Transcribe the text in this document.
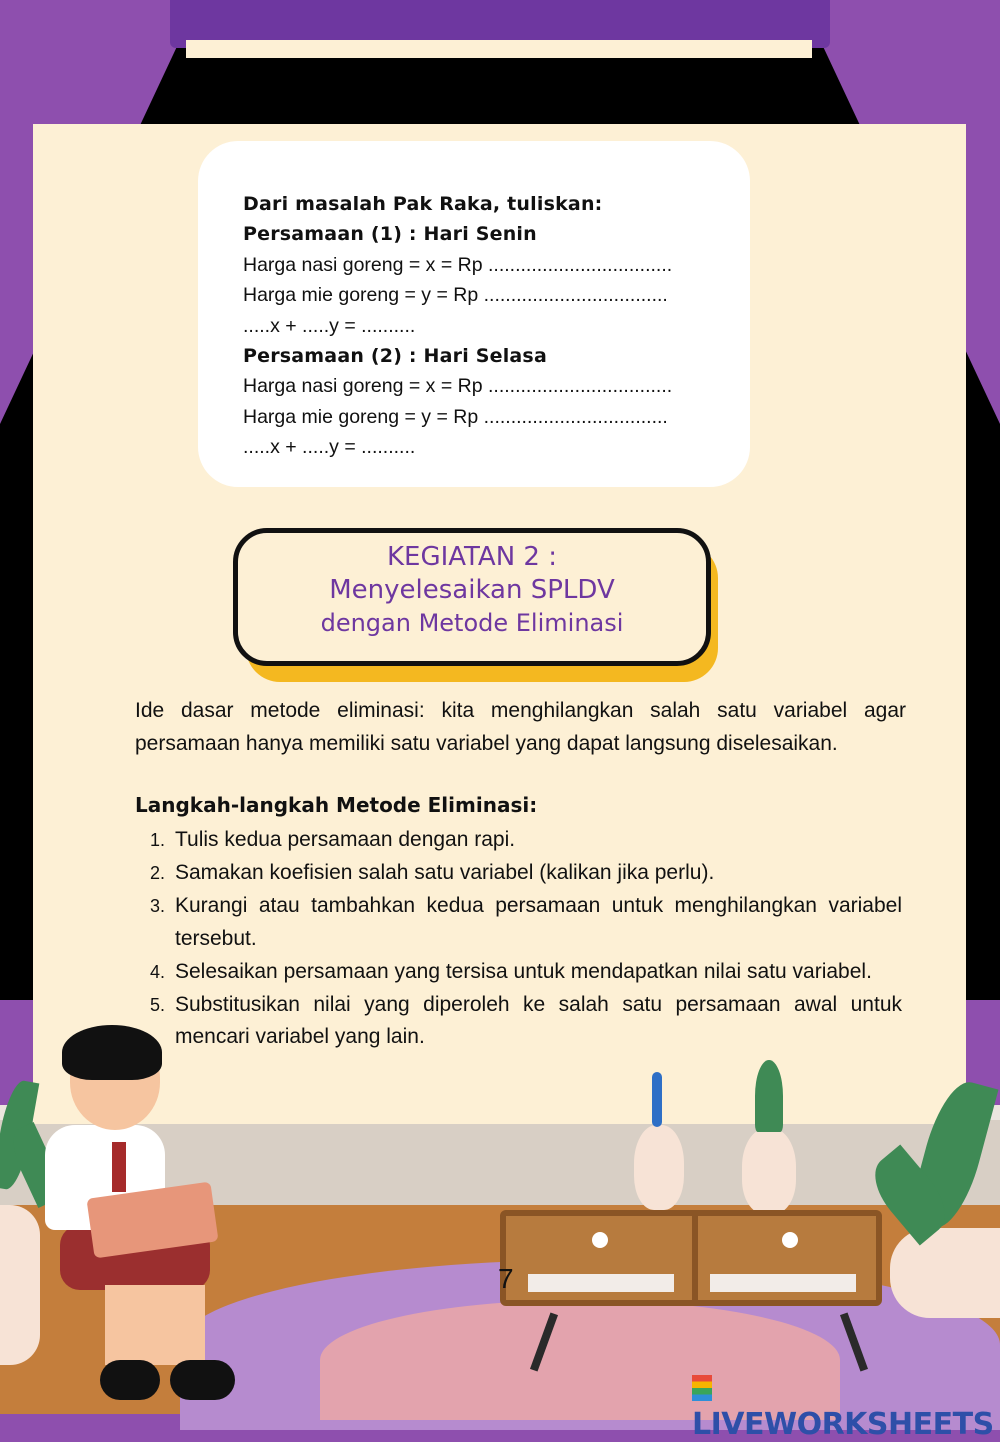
Dari masalah Pak Raka, tuliskan:
Persamaan (1) : Hari Senin
Harga nasi goreng = x = Rp ..................................
Harga mie goreng = y = Rp ..................................
.....x + .....y = ..........
Persamaan (2) : Hari Selasa
Harga nasi goreng = x = Rp ..................................
Harga mie goreng = y = Rp ..................................
.....x + .....y = ..........
KEGIATAN 2 :
Menyelesaikan SPLDV
dengan Metode Eliminasi

Ide dasar metode eliminasi: kita menghilangkan salah satu variabel agar persamaan hanya memiliki satu variabel yang dapat langsung diselesaikan.

Langkah-langkah Metode Eliminasi:
1. Tulis kedua persamaan dengan rapi.
2. Samakan koefisien salah satu variabel (kalikan jika perlu).
3. Kurangi atau tambahkan kedua persamaan untuk menghilangkan variabel tersebut.
4. Selesaikan persamaan yang tersisa untuk mendapatkan nilai satu variabel.
5. Substitusikan nilai yang diperoleh ke salah satu persamaan awal untuk mencari variabel yang lain.
7
LIVEWORKSHEETS
